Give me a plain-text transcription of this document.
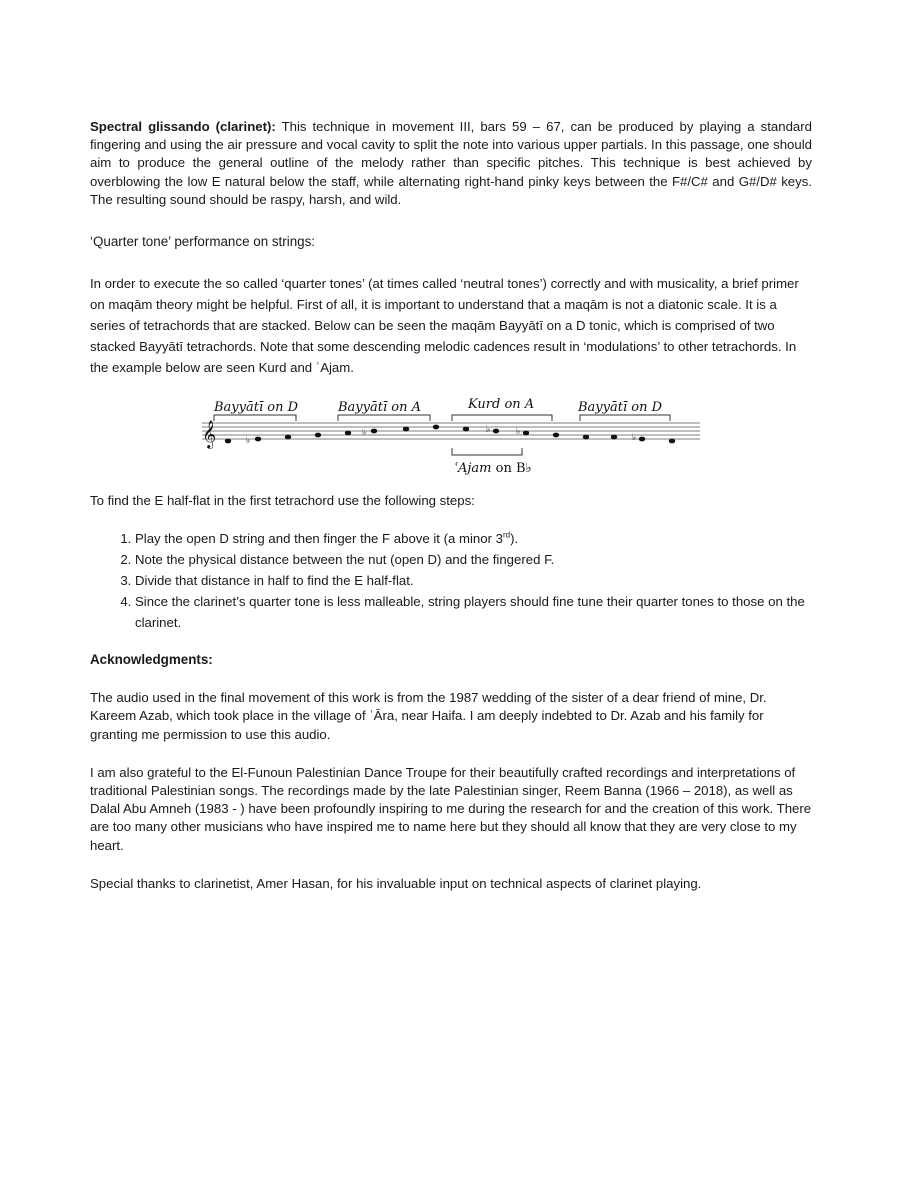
Spectral glissando (clarinet): This technique in movement III, bars 59 – 67, can be produced by playing a standard fingering and using the air pressure and vocal cavity to split the note into various upper partials. In this passage, one should aim to produce the general outline of the melody rather than specific pitches. This technique is best achieved by overblowing the low E natural below the staff, while alternating right-hand pinky keys between the F#/C# and G#/D# keys. The resulting sound should be raspy, harsh, and wild.

‘Quarter tone’ performance on strings:

In order to execute the so called ‘quarter tones’ (at times called ‘neutral tones’) correctly and with musicality, a brief primer on maqām theory might be helpful. First of all, it is important to understand that a maqām is not a diatonic scale. It is a series of tetrachords that are stacked. Below can be seen the maqām Bayyātī on a D tonic, which is comprised of two stacked Bayyātī tetrachords. Note that some descending melodic cadences result in ‘modulations’ to other tetrachords. In the example below are seen Kurd and ʿAjam.

Bayyātī on D	Bayyātī on A	Kurd on A	Bayyātī on D
ʿAjam on B♭
𝄞	♭
♭	♭	♭
♭

To find the E half-flat in the first tetrachord use the following steps:

1. Play the open D string and then finger the F above it (a minor 3rd).
2. Note the physical distance between the nut (open D) and the fingered F.
3. Divide that distance in half to find the E half-flat.
4. Since the clarinet’s quarter tone is less malleable, string players should fine tune their quarter tones to those on the clarinet.

Acknowledgments:

The audio used in the final movement of this work is from the 1987 wedding of the sister of a dear friend of mine, Dr. Kareem Azab, which took place in the village of ʿĀra, near Haifa. I am deeply indebted to Dr. Azab and his family for granting me permission to use this audio.

I am also grateful to the El-Funoun Palestinian Dance Troupe for their beautifully crafted recordings and interpretations of traditional Palestinian songs. The recordings made by the late Palestinian singer, Reem Banna (1966 – 2018), as well as Dalal Abu Amneh (1983 - ) have been profoundly inspiring to me during the research for and the creation of this work. There are too many other musicians who have inspired me to name here but they should all know that they are very close to my heart.

Special thanks to clarinetist, Amer Hasan, for his invaluable input on technical aspects of clarinet playing.
